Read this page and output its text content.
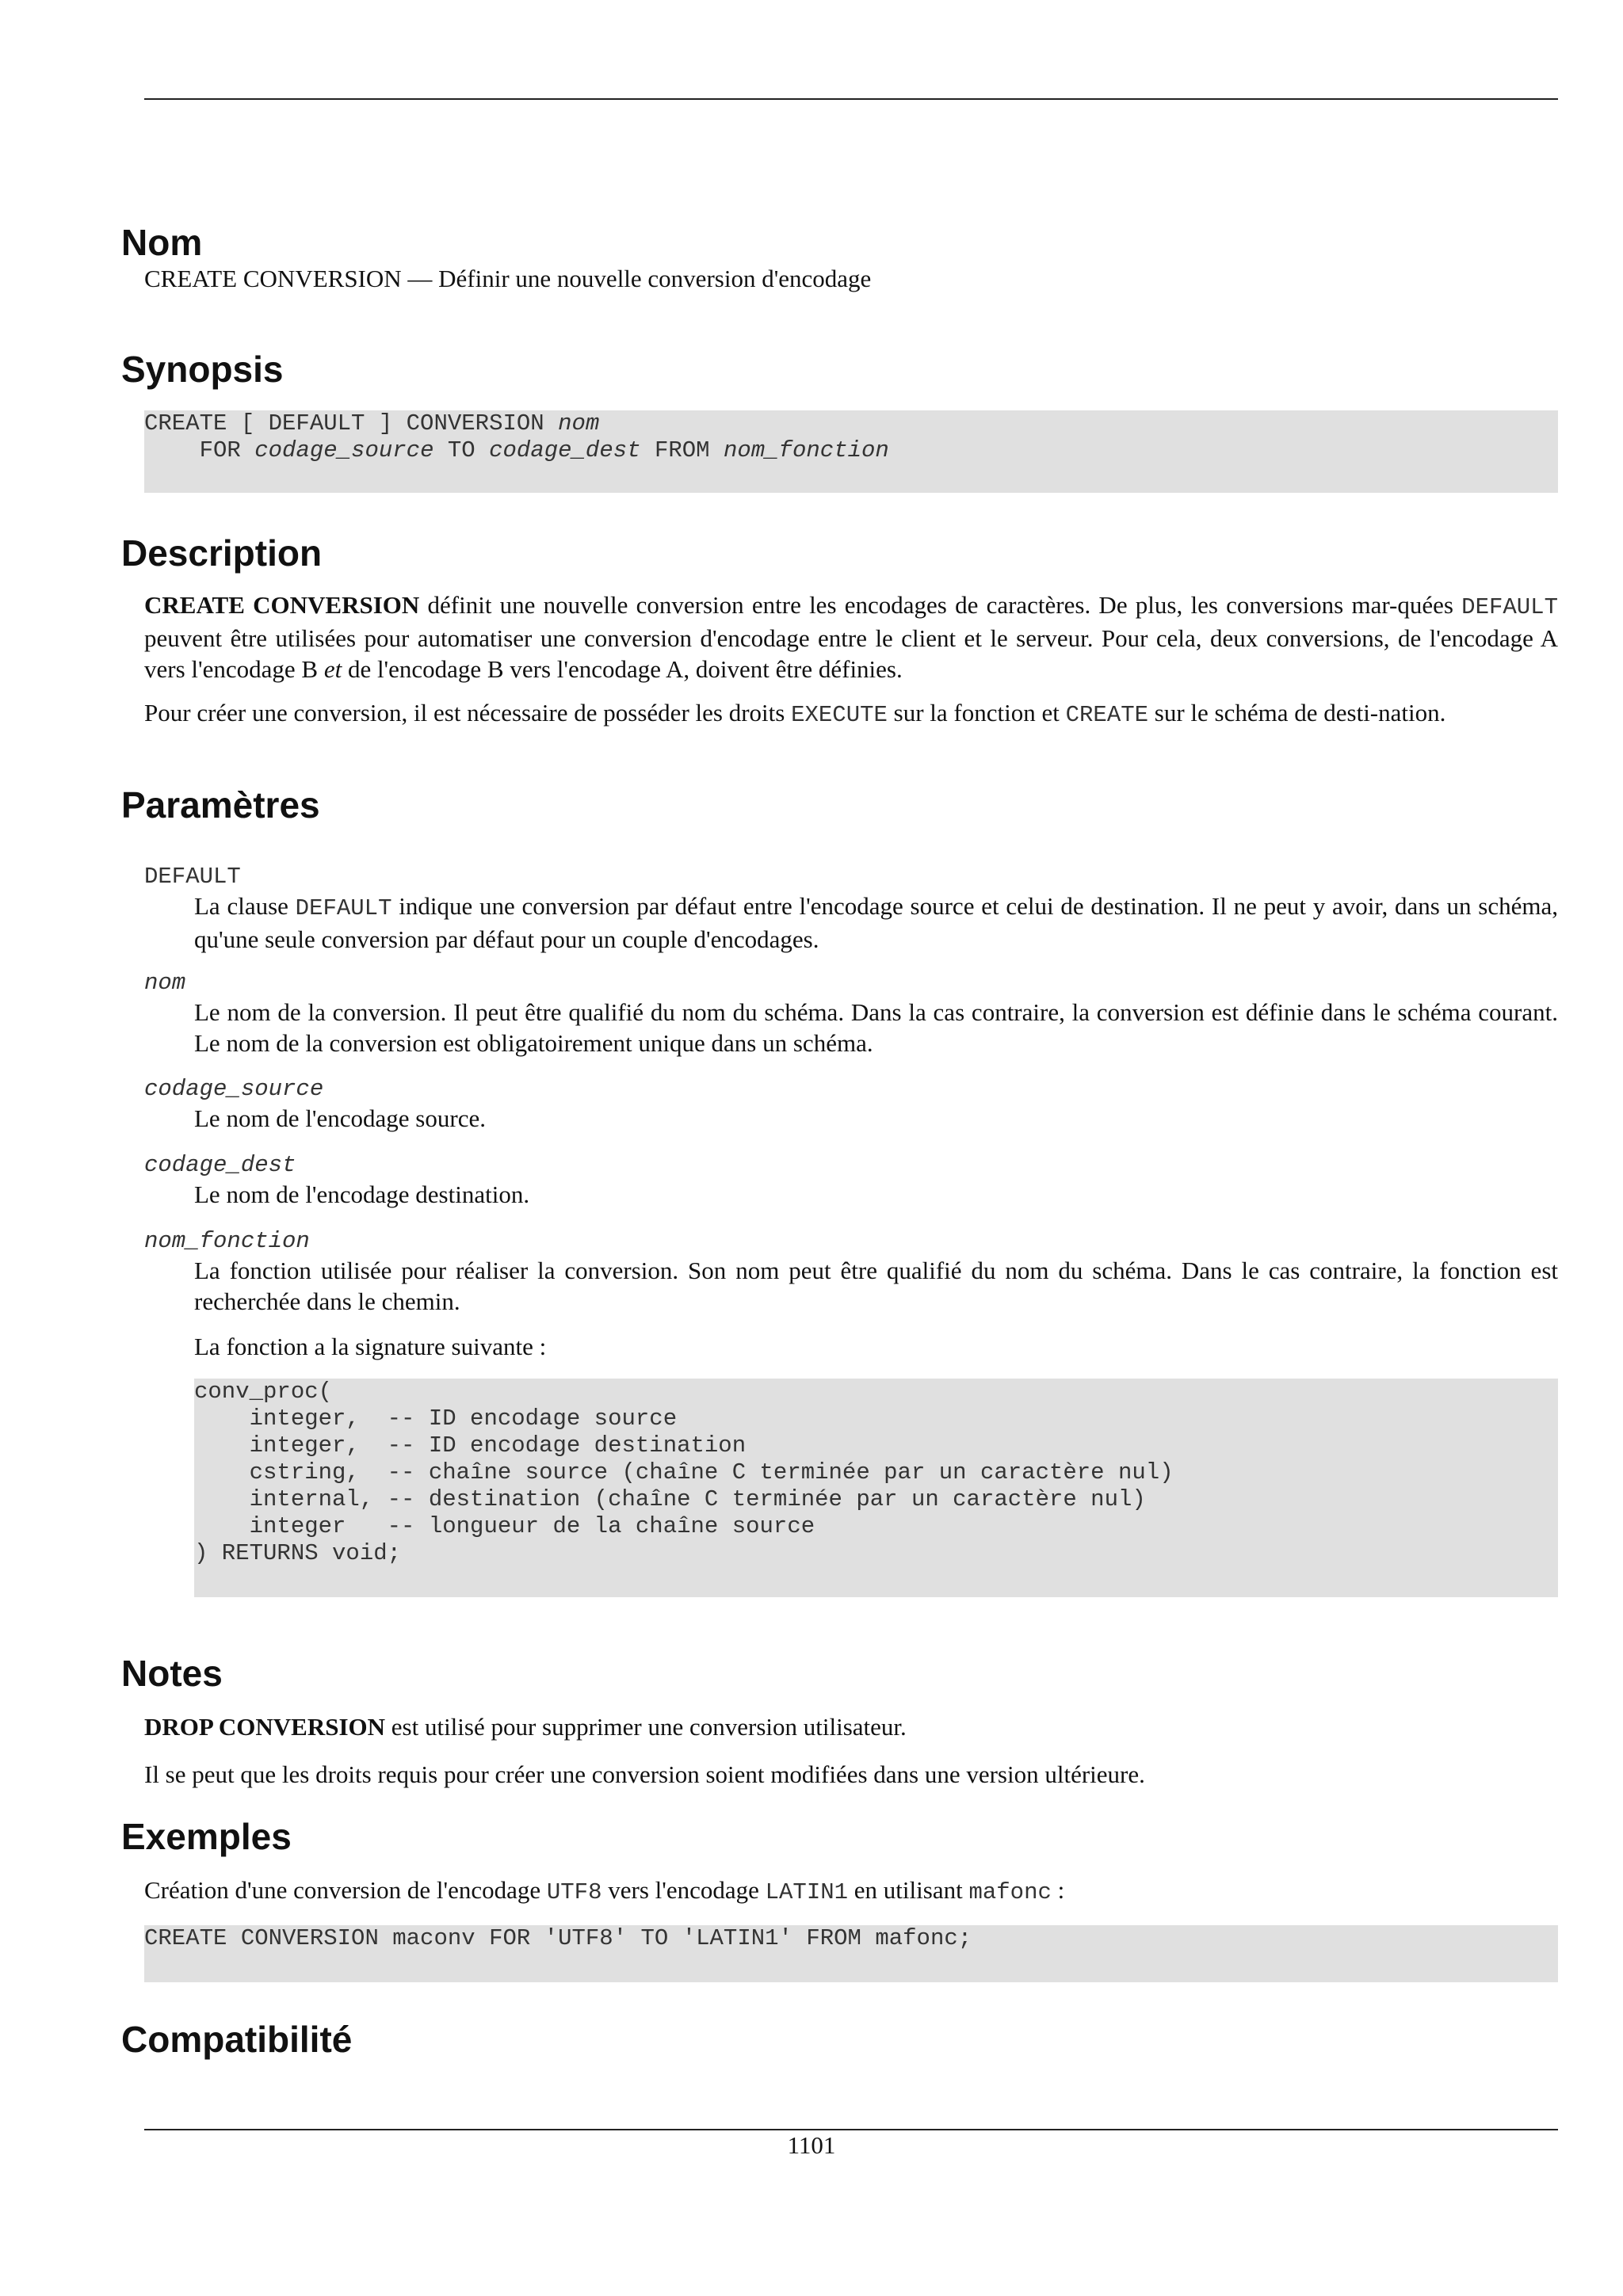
Nom

CREATE CONVERSION — Définir une nouvelle conversion d'encodage

Synopsis
CREATE [ DEFAULT ] CONVERSION nom
FOR codage_source TO codage_dest FROM nom_fonction
Description

CREATE CONVERSION définit une nouvelle conversion entre les encodages de caractères. De plus, les conversions mar-quées DEFAULT peuvent être utilisées pour automatiser une conversion d'encodage entre le client et le serveur. Pour cela, deux conversions, de l'encodage A vers l'encodage B et de l'encodage B vers l'encodage A, doivent être définies.

Pour créer une conversion, il est nécessaire de posséder les droits EXECUTE sur la fonction et CREATE sur le schéma de desti-nation.

Paramètres
DEFAULT

La clause DEFAULT indique une conversion par défaut entre l'encodage source et celui de destination. Il ne peut y avoir, dans un schéma, qu'une seule conversion par défaut pour un couple d'encodages.

nom

Le nom de la conversion. Il peut être qualifié du nom du schéma. Dans la cas contraire, la conversion est définie dans le schéma courant. Le nom de la conversion est obligatoirement unique dans un schéma.

codage_source

Le nom de l'encodage source.

codage_dest

Le nom de l'encodage destination.

nom_fonction

La fonction utilisée pour réaliser la conversion. Son nom peut être qualifié du nom du schéma. Dans le cas contraire, la fonction est recherchée dans le chemin.

La fonction a la signature suivante :

conv_proc(
integer,  -- ID encodage source
integer,  -- ID encodage destination
cstring,  -- chaîne source (chaîne C terminée par un caractère nul)
internal, -- destination (chaîne C terminée par un caractère nul)
integer   -- longueur de la chaîne source
) RETURNS void;
Notes

DROP CONVERSION est utilisé pour supprimer une conversion utilisateur.

Il se peut que les droits requis pour créer une conversion soient modifiées dans une version ultérieure.

Exemples

Création d'une conversion de l'encodage UTF8 vers l'encodage LATIN1 en utilisant mafonc :

CREATE CONVERSION maconv FOR 'UTF8' TO 'LATIN1' FROM mafonc;
Compatibilité
1101
